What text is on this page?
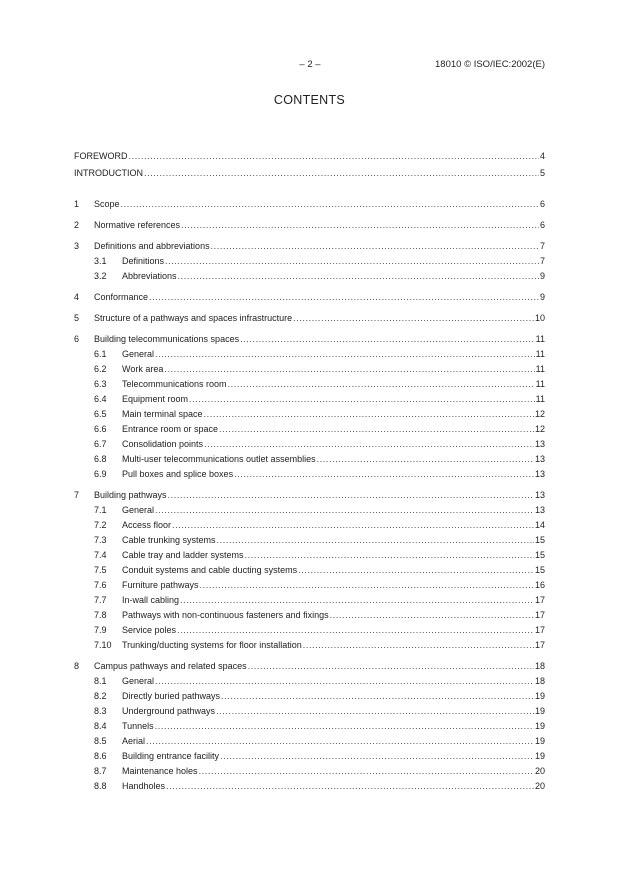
– 2 –	18010 © ISO/IEC:2002(E)
CONTENTS
FOREWORD .....	4
INTRODUCTION .....	5
1	Scope .....	6
2	Normative references .....	6
3	Definitions and abbreviations .....	7
3.1	Definitions .....	7
3.2	Abbreviations .....	9
4	Conformance .....	9
5	Structure of a pathways and spaces infrastructure .....	10
6	Building telecommunications spaces .....	11
6.1	General .....	11
6.2	Work area .....	11
6.3	Telecommunications room .....	11
6.4	Equipment room .....	11
6.5	Main terminal space .....	12
6.6	Entrance room or space .....	12
6.7	Consolidation points .....	13
6.8	Multi-user telecommunications outlet assemblies .....	13
6.9	Pull boxes and splice boxes .....	13
7	Building pathways .....	13
7.1	General .....	13
7.2	Access floor .....	14
7.3	Cable trunking systems .....	15
7.4	Cable tray and ladder systems .....	15
7.5	Conduit systems and cable ducting systems .....	15
7.6	Furniture pathways .....	16
7.7	In-wall cabling .....	17
7.8	Pathways with non-continuous fasteners and fixings .....	17
7.9	Service poles .....	17
7.10	Trunking/ducting systems for floor installation .....	17
8	Campus pathways and related spaces .....	18
8.1	General .....	18
8.2	Directly buried pathways .....	19
8.3	Underground pathways .....	19
8.4	Tunnels .....	19
8.5	Aerial .....	19
8.6	Building entrance facility .....	19
8.7	Maintenance holes .....	20
8.8	Handholes .....	20
